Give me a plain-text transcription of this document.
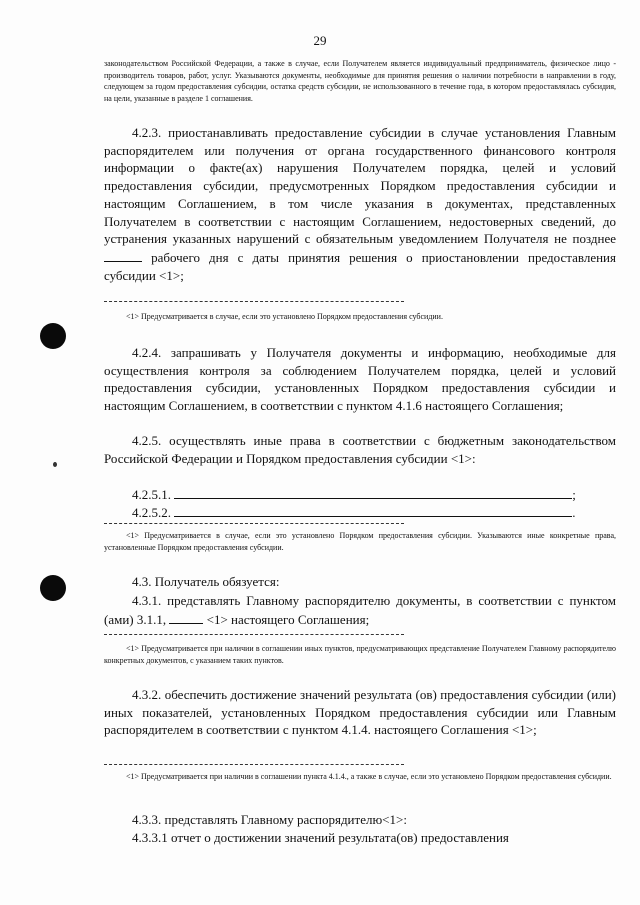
29
законодательством Российской Федерации, а также в случае, если Получателем является индивидуальный предприниматель, физическое лицо - производитель товаров, работ, услуг. Указываются документы, необходимые для принятия решения о наличии потребности в направлении в году, следующем за годом предоставления субсидии, остатка средств субсидии, не использованного в течение года, в котором предоставлялась субсидия, на цели, указанные в разделе 1 соглашения.
4.2.3. приостанавливать предоставление субсидии в случае установления Главным распорядителем или получения от органа государственного финансового контроля информации о факте(ах) нарушения Получателем порядка, целей и условий предоставления субсидии, предусмотренных Порядком предоставления субсидии и настоящим Соглашением, в том числе указания в документах, представленных Получателем в соответствии с настоящим Соглашением, недостоверных сведений, до устранения указанных нарушений с обязательным уведомлением Получателя не позднее  рабочего дня с даты принятия решения о приостановлении предоставления субсидии <1>;
<1> Предусматривается в случае, если это установлено Порядком предоставления субсидии.
4.2.4. запрашивать у Получателя документы и информацию, необходимые для осуществления контроля за соблюдением Получателем порядка, целей и условий предоставления субсидии, установленных Порядком предоставления субсидии и настоящим Соглашением, в соответствии с пунктом 4.1.6 настоящего Соглашения;
4.2.5. осуществлять иные права в соответствии с бюджетным законодательством Российской Федерации и Порядком предоставления субсидии <1>:
4.2.5.1.	;
4.2.5.2.	.
<1> Предусматривается в случае, если это установлено Порядком предоставления субсидии. Указываются иные конкретные права, установленные Порядком предоставления субсидии.
4.3. Получатель обязуется:
4.3.1. представлять Главному распорядителю документы, в соответствии с пунктом (ами) 3.1.1,	<1> настоящего Соглашения;
<1> Предусматривается при наличии в соглашении иных пунктов, предусматривающих представление Получателем Главному распорядителю конкретных документов, с указанием таких пунктов.
4.3.2. обеспечить достижение значений результата (ов) предоставления субсидии (или) иных показателей, установленных Порядком предоставления субсидии или Главным распорядителем в соответствии с пунктом 4.1.4. настоящего Соглашения <1>;
<1> Предусматривается при наличии в соглашении пункта 4.1.4., а также в случае, если это установлено Порядком предоставления субсидии.
4.3.3. представлять Главному распорядителю<1>:
4.3.3.1 отчет о достижении значений результата(ов) предоставления
